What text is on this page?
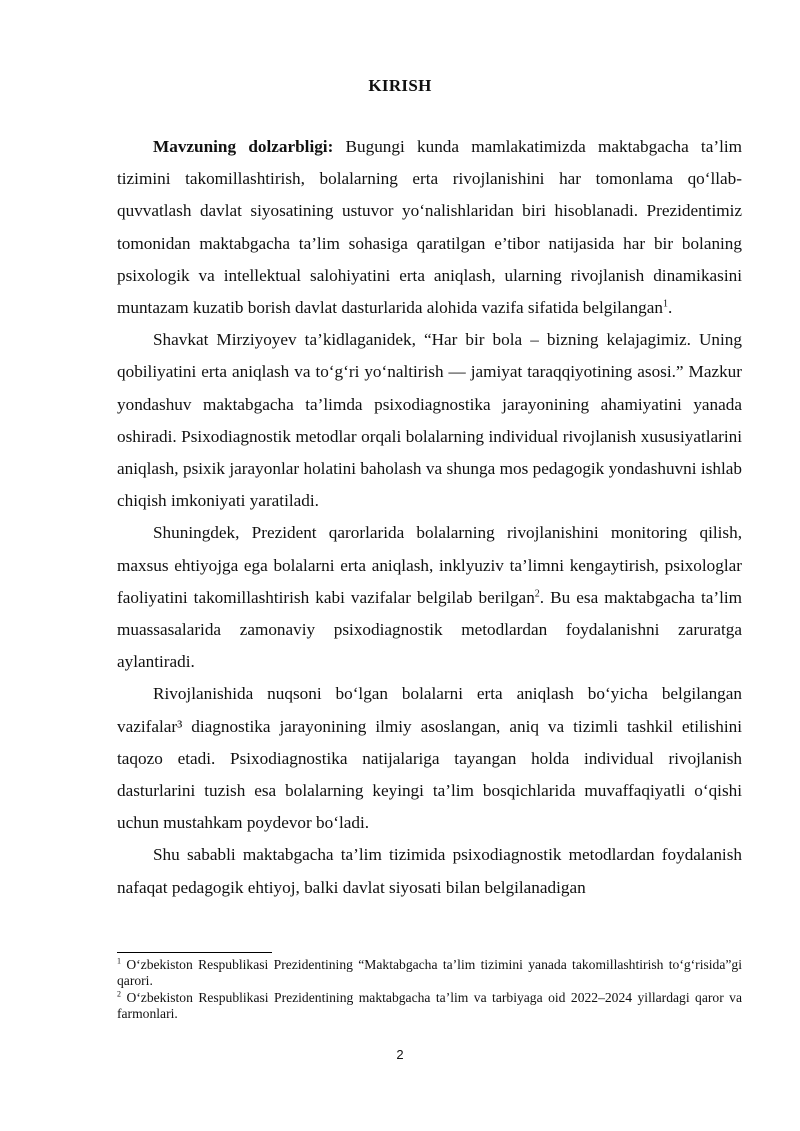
KIRISH

Mavzuning dolzarbligi: Bugungi kunda mamlakatimizda maktabgacha ta’lim tizimini takomillashtirish, bolalarning erta rivojlanishini har tomonlama qo‘llab-quvvatlash davlat siyosatining ustuvor yo‘nalishlaridan biri hisoblanadi. Prezidentimiz tomonidan maktabgacha ta’lim sohasiga qaratilgan e’tibor natijasida har bir bolaning psixologik va intellektual salohiyatini erta aniqlash, ularning rivojlanish dinamikasini muntazam kuzatib borish davlat dasturlarida alohida vazifa sifatida belgilangan$^1$.

Shavkat Mirziyoyev ta’kidlaganidek, “Har bir bola – bizning kelajagimiz. Uning qobiliyatini erta aniqlash va to‘g‘ri yo‘naltirish — jamiyat taraqqiyotining asosi.” Mazkur yondashuv maktabgacha ta’limda psixodiagnostika jarayonining ahamiyatini yanada oshiradi. Psixodiagnostik metodlar orqali bolalarning individual rivojlanish xususiyatlarini aniqlash, psixik jarayonlar holatini baholash va shunga mos pedagogik yondashuvni ishlab chiqish imkoniyati yaratiladi.

Shuningdek, Prezident qarorlarida bolalarning rivojlanishini monitoring qilish, maxsus ehtiyojga ega bolalarni erta aniqlash, inklyuziv ta’limni kengaytirish, psixologlar faoliyatini takomillashtirish kabi vazifalar belgilab berilgan$^2$. Bu esa maktabgacha ta’lim muassasalarida zamonaviy psixodiagnostik metodlardan foydalanishni zaruratga aylantiradi.

Rivojlanishida nuqsoni bo‘lgan bolalarni erta aniqlash bo‘yicha belgilangan vazifalar³ diagnostika jarayonining ilmiy asoslangan, aniq va tizimli tashkil etilishini taqozo etadi. Psixodiagnostika natijalariga tayangan holda individual rivojlanish dasturlarini tuzish esa bolalarning keyingi ta’lim bosqichlarida muvaffaqiyatli o‘qishi uchun mustahkam poydevor bo‘ladi.

Shu sababli maktabgacha ta’lim tizimida psixodiagnostik metodlardan foydalanish nafaqat pedagogik ehtiyoj, balki davlat siyosati bilan belgilanadigan

$^1$ O‘zbekiston Respublikasi Prezidentining “Maktabgacha ta’lim tizimini yanada takomillashtirish to‘g‘risida”gi qarori.

$^2$ O‘zbekiston Respublikasi Prezidentining maktabgacha ta’lim va tarbiyaga oid 2022–2024 yillardagi qaror va farmonlari.

2
